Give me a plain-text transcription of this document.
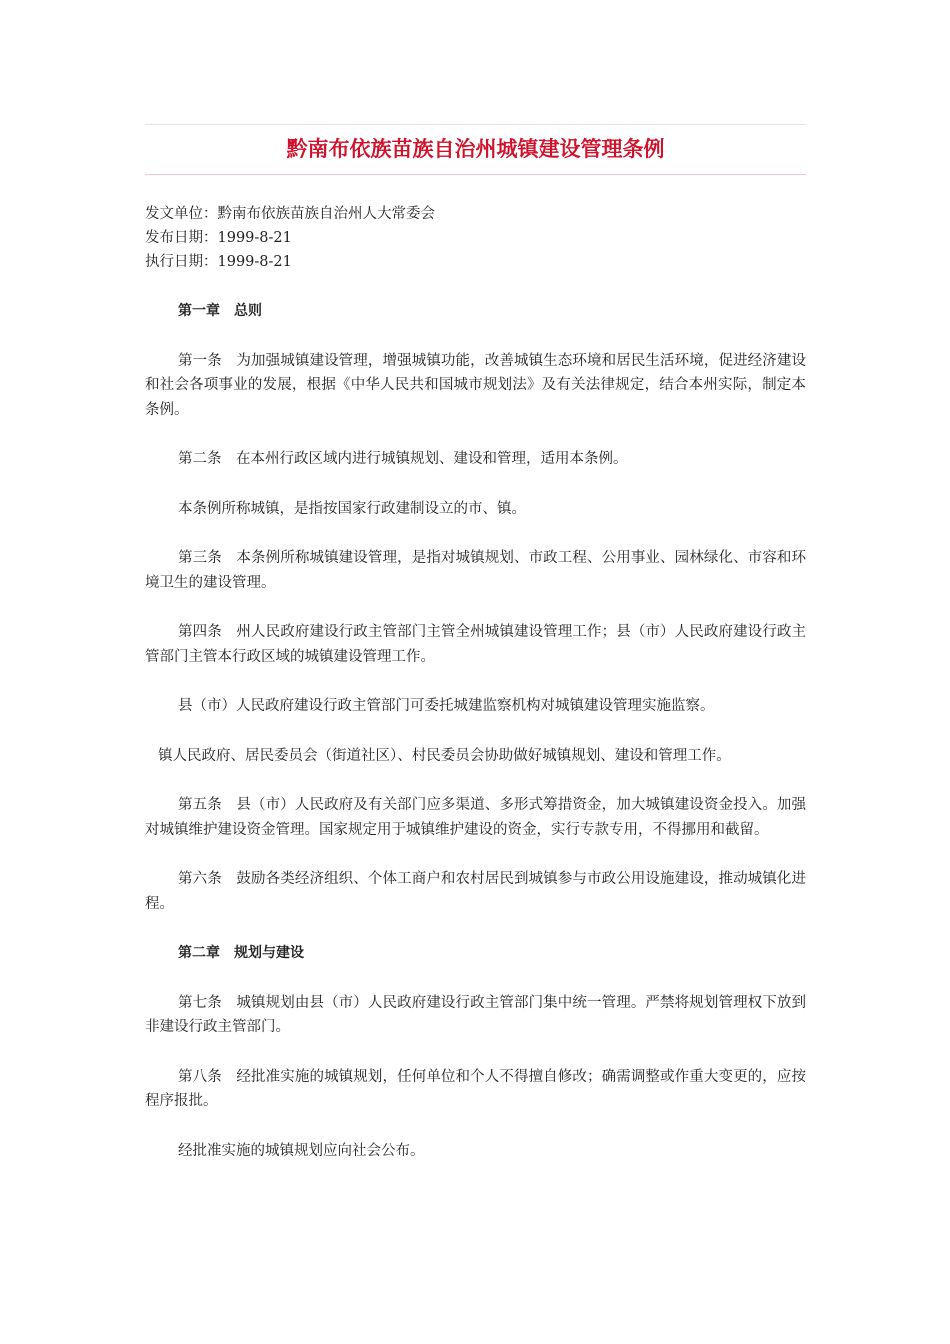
黔南布依族苗族自治州城镇建设管理条例
发文单位：黔南布依族苗族自治州人大常委会
发布日期：1999-8-21
执行日期：1999-8-21
第一章　总则

第一条　为加强城镇建设管理，增强城镇功能，改善城镇生态环境和居民生活环境，促进经济建设和社会各项事业的发展，根据《中华人民共和国城市规划法》及有关法律规定，结合本州实际，制定本条例。

第二条　在本州行政区域内进行城镇规划、建设和管理，适用本条例。

本条例所称城镇，是指按国家行政建制设立的市、镇。

第三条　本条例所称城镇建设管理，是指对城镇规划、市政工程、公用事业、园林绿化、市容和环境卫生的建设管理。

第四条　州人民政府建设行政主管部门主管全州城镇建设管理工作；县（市）人民政府建设行政主管部门主管本行政区域的城镇建设管理工作。

县（市）人民政府建设行政主管部门可委托城建监察机构对城镇建设管理实施监察。

镇人民政府、居民委员会（街道社区）、村民委员会协助做好城镇规划、建设和管理工作。

第五条　县（市）人民政府及有关部门应多渠道、多形式筹措资金，加大城镇建设资金投入。加强对城镇维护建设资金管理。国家规定用于城镇维护建设的资金，实行专款专用，不得挪用和截留。

第六条　鼓励各类经济组织、个体工商户和农村居民到城镇参与市政公用设施建设，推动城镇化进程。

第二章　规划与建设

第七条　城镇规划由县（市）人民政府建设行政主管部门集中统一管理。严禁将规划管理权下放到非建设行政主管部门。

第八条　经批准实施的城镇规划，任何单位和个人不得擅自修改；确需调整或作重大变更的，应按程序报批。

经批准实施的城镇规划应向社会公布。
